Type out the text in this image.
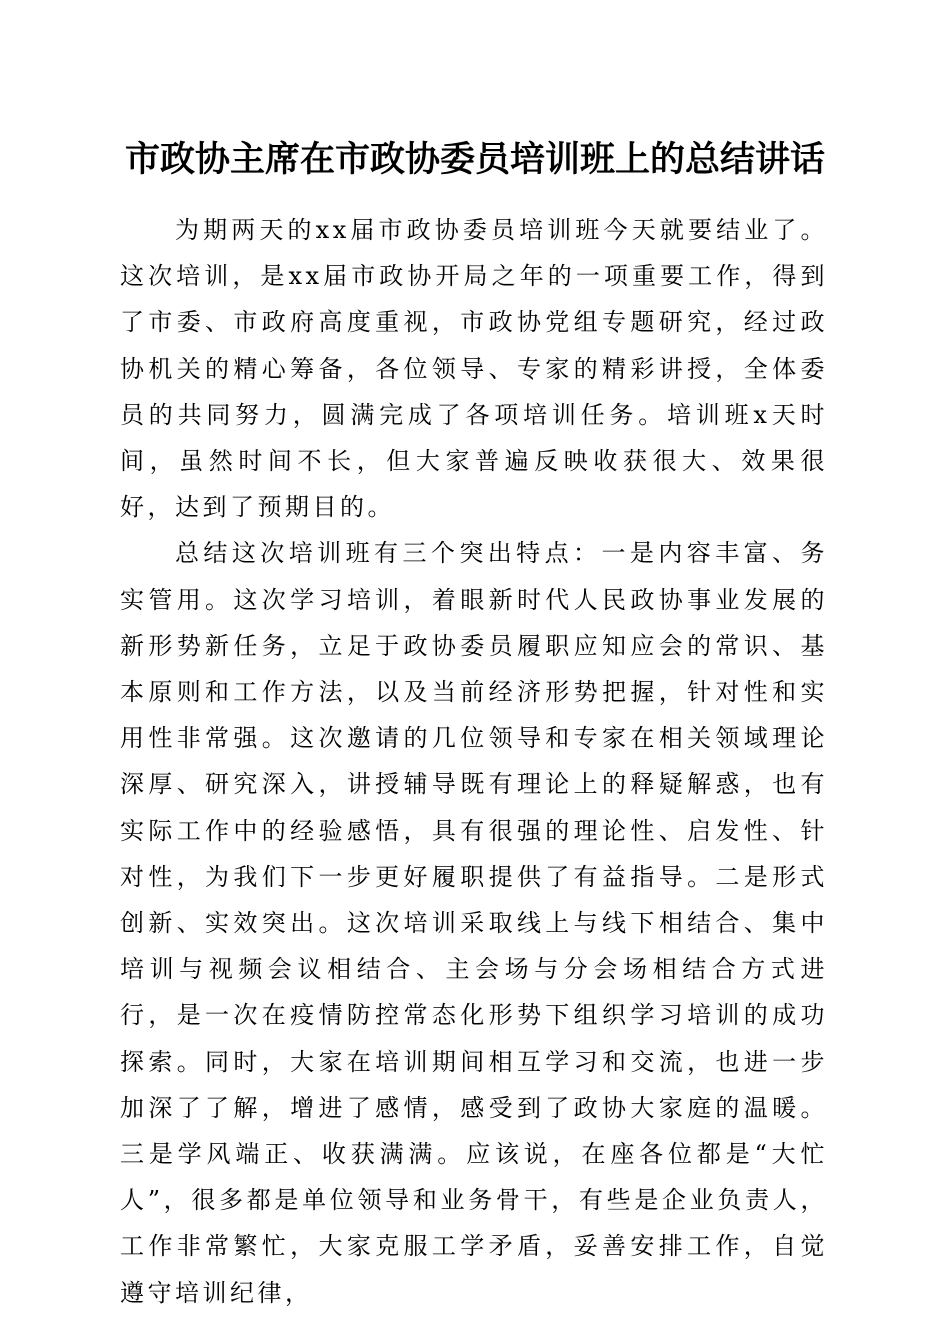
市政协主席在市政协委员培训班上的总结讲话

为期两天的xx届市政协委员培训班今天就要结业了。这次培训，是xx届市政协开局之年的一项重要工作，得到了市委、市政府高度重视，市政协党组专题研究，经过政协机关的精心筹备，各位领导、专家的精彩讲授，全体委员的共同努力，圆满完成了各项培训任务。培训班x天时间，虽然时间不长，但大家普遍反映收获很大、效果很好，达到了预期目的。

总结这次培训班有三个突出特点：一是内容丰富、务实管用。这次学习培训，着眼新时代人民政协事业发展的新形势新任务，立足于政协委员履职应知应会的常识、基本原则和工作方法，以及当前经济形势把握，针对性和实用性非常强。这次邀请的几位领导和专家在相关领域理论深厚、研究深入，讲授辅导既有理论上的释疑解惑，也有实际工作中的经验感悟，具有很强的理论性、启发性、针对性，为我们下一步更好履职提供了有益指导。二是形式创新、实效突出。这次培训采取线上与线下相结合、集中培训与视频会议相结合、主会场与分会场相结合方式进行，是一次在疫情防控常态化形势下组织学习培训的成功探索。同时，大家在培训期间相互学习和交流，也进一步加深了了解，增进了感情，感受到了政协大家庭的温暖。三是学风端正、收获满满。应该说，在座各位都是“大忙人”，很多都是单位领导和业务骨干，有些是企业负责人，工作非常繁忙，大家克服工学矛盾，妥善安排工作，自觉遵守培训纪律，
